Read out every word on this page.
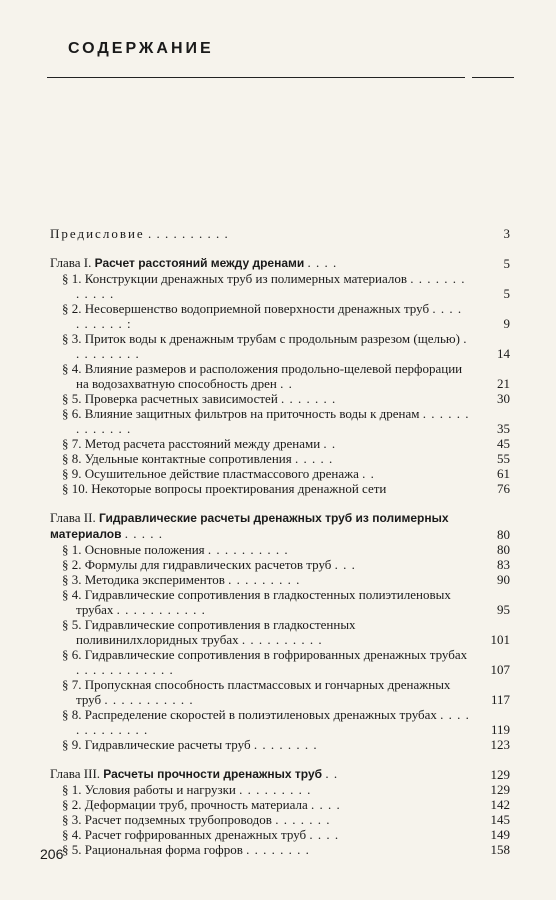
СОДЕРЖАНИЕ
Предисловие . . . . . . . . . .	3
Глава I. Расчет расстояний между дренами . . . .	5
§ 1. Конструкции дренажных труб из полимерных материалов . . . . . . . . . . . .	5
§ 2. Несовершенство водоприемной поверхности дренажных труб . . . . . . . . . . :	9
§ 3. Приток воды к дренажным трубам с продольным разрезом (щелью) . . . . . . . . .	14
§ 4. Влияние размеров и расположения продольно-щелевой перфорации на водозахватную способность дрен . .	21
§ 5. Проверка расчетных зависимостей . . . . . . .	30
§ 6. Влияние защитных фильтров на приточность воды к дренам . . . . . . . . . . . . .	35
§ 7. Метод расчета расстояний между дренами . .	45
§ 8. Удельные контактные сопротивления . . . . .	55
§ 9. Осушительное действие пластмассового дренажа . .	61
§ 10. Некоторые вопросы проектирования дренажной сети	76
Глава II. Гидравлические расчеты дренажных труб из полимерных материалов . . . . .	80
§ 1. Основные положения . . . . . . . . . .	80
§ 2. Формулы для гидравлических расчетов труб . . .	83
§ 3. Методика экспериментов . . . . . . . . .	90
§ 4. Гидравлические сопротивления в гладкостенных полиэтиленовых трубах . . . . . . . . . . .	95
§ 5. Гидравлические сопротивления в гладкостенных поливинилхлоридных трубах . . . . . . . . . .	101
§ 6. Гидравлические сопротивления в гофрированных дренажных трубах . . . . . . . . . . . .	107
§ 7. Пропускная способность пластмассовых и гончарных дренажных труб . . . . . . . . . . .	117
§ 8. Распределение скоростей в полиэтиленовых дренажных трубах . . . . . . . . . . . . .	119
§ 9. Гидравлические расчеты труб . . . . . . . .	123
Глава III. Расчеты прочности дренажных труб . .	129
§ 1. Условия работы и нагрузки . . . . . . . . .	129
§ 2. Деформации труб, прочность материала . . . .	142
§ 3. Расчет подземных трубопроводов . . . . . . .	145
§ 4. Расчет гофрированных дренажных труб . . . .	149
§ 5. Рациональная форма гофров . . . . . . . .	158
206
